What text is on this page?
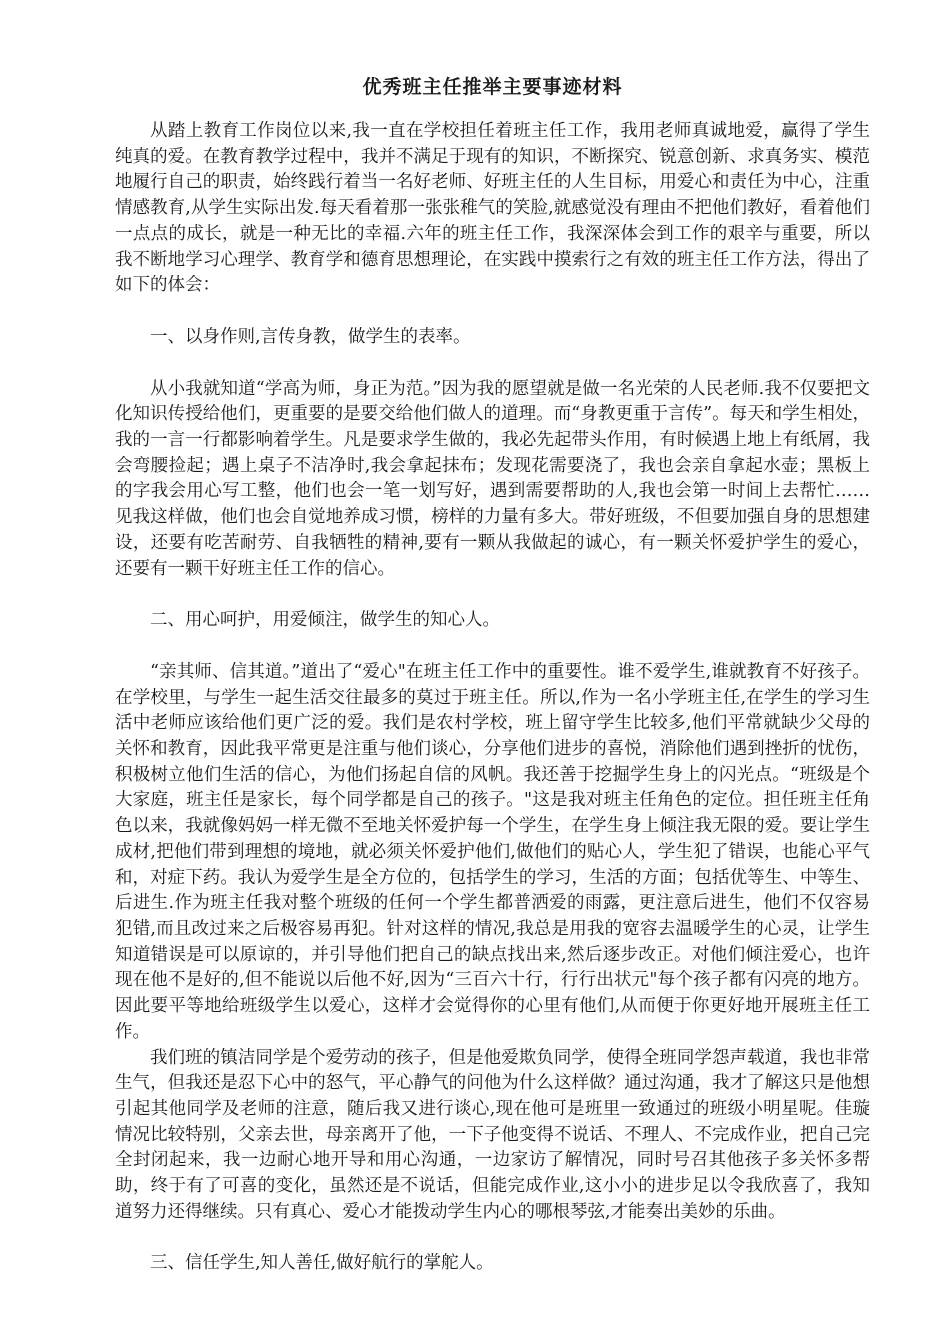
优秀班主任推举主要事迹材料

从踏上教育工作岗位以来,我一直在学校担任着班主任工作，我用老师真诚地爱，赢得了学生纯真的爱。在教育教学过程中，我并不满足于现有的知识，不断探究、锐意创新、求真务实、模范地履行自己的职责，始终践行着当一名好老师、好班主任的人生目标，用爱心和责任为中心，注重情感教育,从学生实际出发.每天看着那一张张稚气的笑脸,就感觉没有理由不把他们教好，看着他们一点点的成长，就是一种无比的幸福.六年的班主任工作，我深深体会到工作的艰辛与重要，所以我不断地学习心理学、教育学和德育思想理论，在实践中摸索行之有效的班主任工作方法，得出了如下的体会：

一、以身作则,言传身教，做学生的表率。

从小我就知道“学高为师，身正为范。”因为我的愿望就是做一名光荣的人民老师.我不仅要把文化知识传授给他们，更重要的是要交给他们做人的道理。而“身教更重于言传”。每天和学生相处，我的一言一行都影响着学生。凡是要求学生做的，我必先起带头作用，有时候遇上地上有纸屑，我会弯腰捡起；遇上桌子不洁净时,我会拿起抹布；发现花需要浇了，我也会亲自拿起水壶；黑板上的字我会用心写工整，他们也会一笔一划写好，遇到需要帮助的人,我也会第一时间上去帮忙……见我这样做，他们也会自觉地养成习惯，榜样的力量有多大。带好班级，不但要加强自身的思想建设，还要有吃苦耐劳、自我牺牲的精神,要有一颗从我做起的诚心，有一颗关怀爱护学生的爱心，还要有一颗干好班主任工作的信心。

二、用心呵护，用爱倾注，做学生的知心人。

“亲其师、信其道。”道出了“爱心"在班主任工作中的重要性。谁不爱学生,谁就教育不好孩子。在学校里，与学生一起生活交往最多的莫过于班主任。所以,作为一名小学班主任,在学生的学习生活中老师应该给他们更广泛的爱。我们是农村学校，班上留守学生比较多,他们平常就缺少父母的关怀和教育，因此我平常更是注重与他们谈心，分享他们进步的喜悦，消除他们遇到挫折的忧伤，积极树立他们生活的信心，为他们扬起自信的风帆。我还善于挖掘学生身上的闪光点。“班级是个大家庭，班主任是家长，每个同学都是自己的孩子。"这是我对班主任角色的定位。担任班主任角色以来，我就像妈妈一样无微不至地关怀爱护每一个学生，在学生身上倾注我无限的爱。要让学生成材,把他们带到理想的境地，就必须关怀爱护他们,做他们的贴心人，学生犯了错误，也能心平气和，对症下药。我认为爱学生是全方位的，包括学生的学习，生活的方面；包括优等生、中等生、后进生.作为班主任我对整个班级的任何一个学生都普洒爱的雨露，更注意后进生，他们不仅容易犯错,而且改过来之后极容易再犯。针对这样的情况,我总是用我的宽容去温暖学生的心灵，让学生知道错误是可以原谅的，并引导他们把自己的缺点找出来,然后逐步改正。对他们倾注爱心，也许现在他不是好的,但不能说以后他不好,因为“三百六十行，行行出状元"每个孩子都有闪亮的地方。因此要平等地给班级学生以爱心，这样才会觉得你的心里有他们,从而便于你更好地开展班主任工作。

我们班的镇洁同学是个爱劳动的孩子，但是他爱欺负同学，使得全班同学怨声载道，我也非常生气，但我还是忍下心中的怒气，平心静气的问他为什么这样做？通过沟通，我才了解这只是他想引起其他同学及老师的注意，随后我又进行谈心,现在他可是班里一致通过的班级小明星呢。佳璇情况比较特别，父亲去世，母亲离开了他，一下子他变得不说话、不理人、不完成作业，把自己完全封闭起来，我一边耐心地开导和用心沟通，一边家访了解情况，同时号召其他孩子多关怀多帮助，终于有了可喜的变化，虽然还是不说话，但能完成作业,这小小的进步足以令我欣喜了，我知道努力还得继续。只有真心、爱心才能拨动学生内心的哪根琴弦,才能奏出美妙的乐曲。

三、信任学生,知人善任,做好航行的掌舵人。
